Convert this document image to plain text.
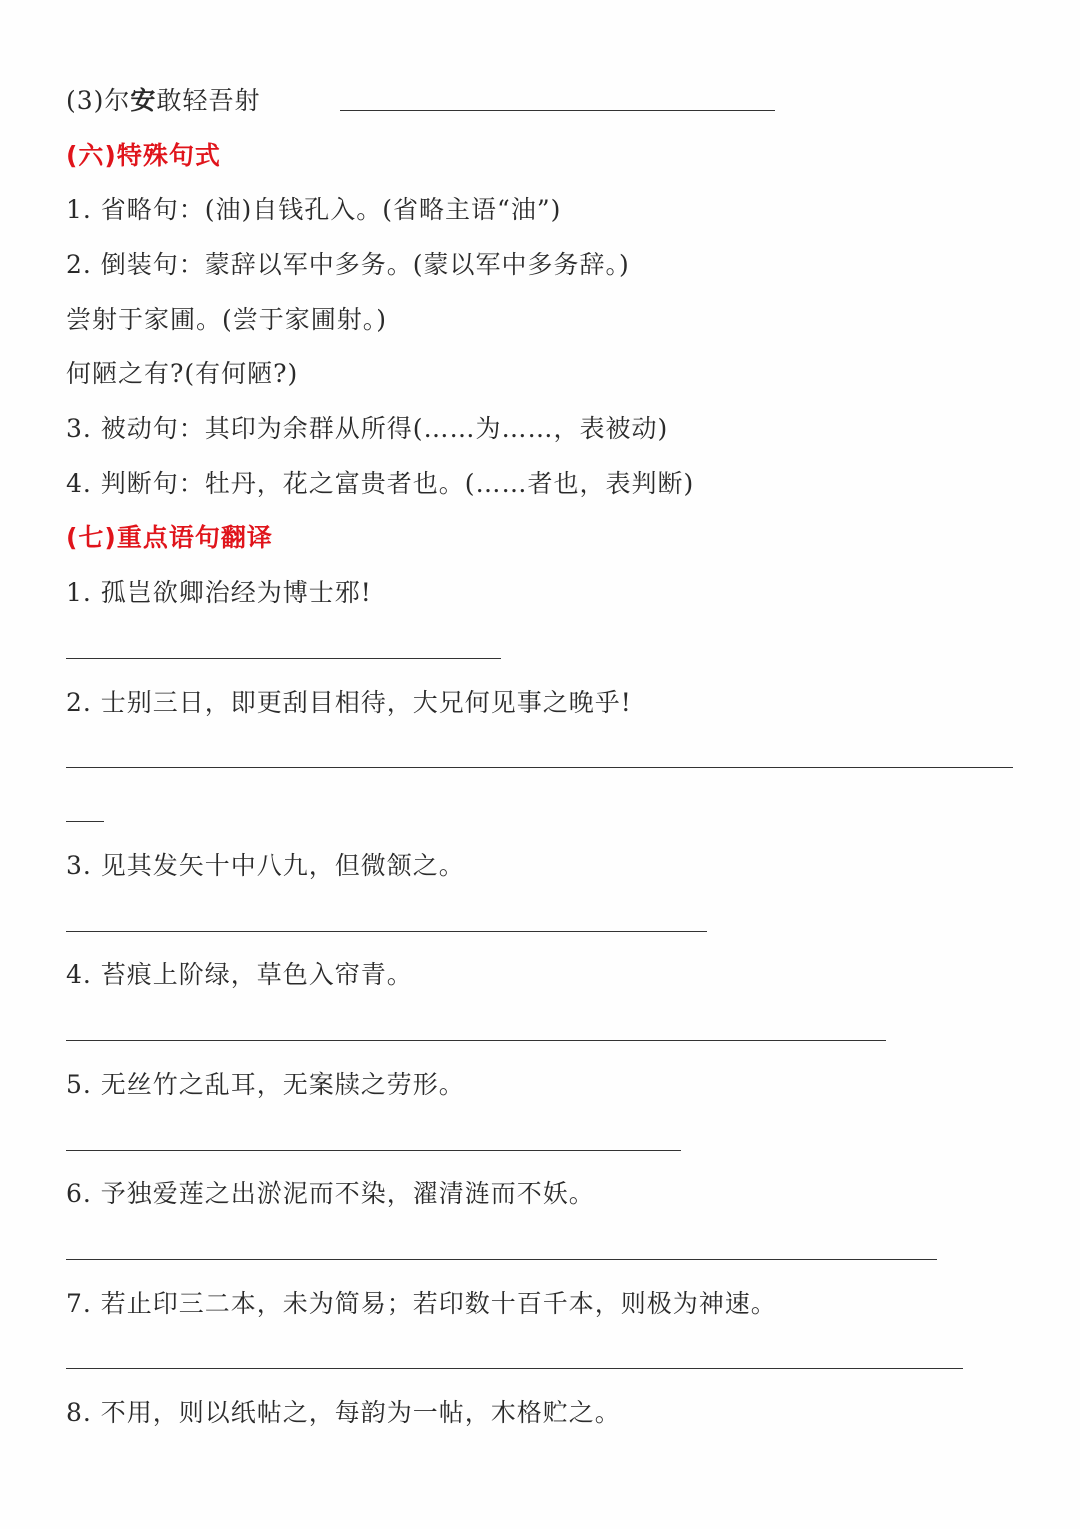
(3)尔安敢轻吾射
(六)特殊句式
1. 省略句：(油)自钱孔入。(省略主语“油”)
2. 倒装句：蒙辞以军中多务。(蒙以军中多务辞。)
尝射于家圃。(尝于家圃射。)
何陋之有?(有何陋?)
3. 被动句：其印为余群从所得(……为……，表被动)
4. 判断句：牡丹，花之富贵者也。(……者也，表判断)
(七)重点语句翻译
1. 孤岂欲卿治经为博士邪!
2. 士别三日，即更刮目相待，大兄何见事之晚乎!
3. 见其发矢十中八九，但微颔之。
4. 苔痕上阶绿，草色入帘青。
5. 无丝竹之乱耳，无案牍之劳形。
6. 予独爱莲之出淤泥而不染，濯清涟而不妖。
7. 若止印三二本，未为简易；若印数十百千本，则极为神速。
8. 不用，则以纸帖之，每韵为一帖，木格贮之。
